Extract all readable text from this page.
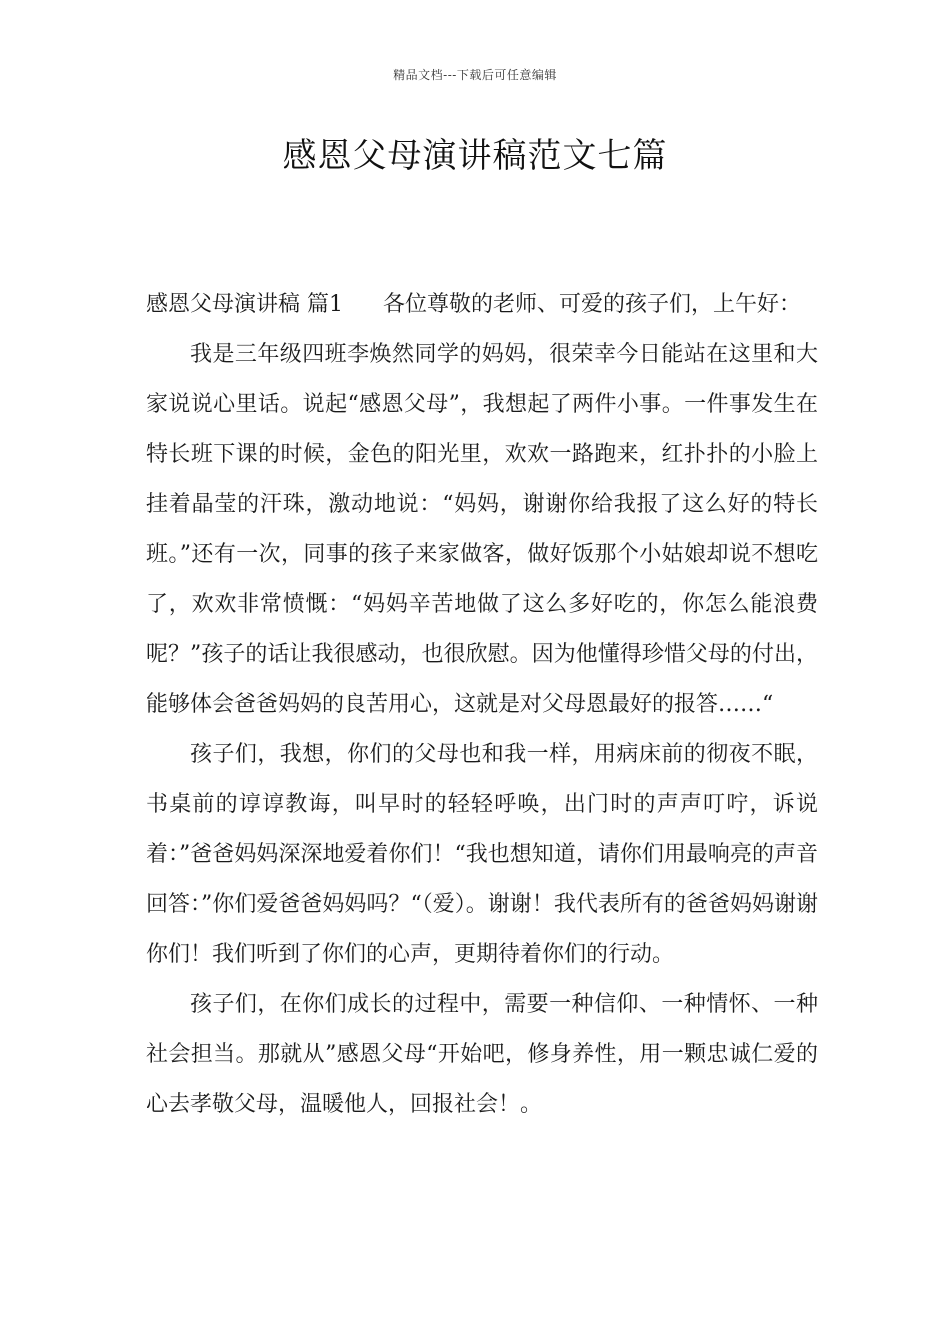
精品文档---下载后可任意编辑
感恩父母演讲稿范文七篇
感恩父母演讲稿 篇1 各位尊敬的老师、可爱的孩子们，上午好：

我是三年级四班李焕然同学的妈妈，很荣幸今日能站在这里和大家说说心里话。说起“感恩父母”，我想起了两件小事。一件事发生在特长班下课的时候，金色的阳光里，欢欢一路跑来，红扑扑的小脸上挂着晶莹的汗珠，激动地说：“妈妈，谢谢你给我报了这么好的特长班。”还有一次，同事的孩子来家做客，做好饭那个小姑娘却说不想吃了，欢欢非常愤慨：“妈妈辛苦地做了这么多好吃的，你怎么能浪费呢？”孩子的话让我很感动，也很欣慰。因为他懂得珍惜父母的付出，能够体会爸爸妈妈的良苦用心，这就是对父母恩最好的报答……“

孩子们，我想，你们的父母也和我一样，用病床前的彻夜不眠，书桌前的谆谆教诲，叫早时的轻轻呼唤，出门时的声声叮咛，诉说着：”爸爸妈妈深深地爱着你们！“我也想知道，请你们用最响亮的声音回答：”你们爱爸爸妈妈吗？“（爱）。谢谢！我代表所有的爸爸妈妈谢谢你们！我们听到了你们的心声，更期待着你们的行动。

孩子们，在你们成长的过程中，需要一种信仰、一种情怀、一种社会担当。那就从”感恩父母“开始吧，修身养性，用一颗忠诚仁爱的心去孝敬父母，温暖他人，回报社会！。
